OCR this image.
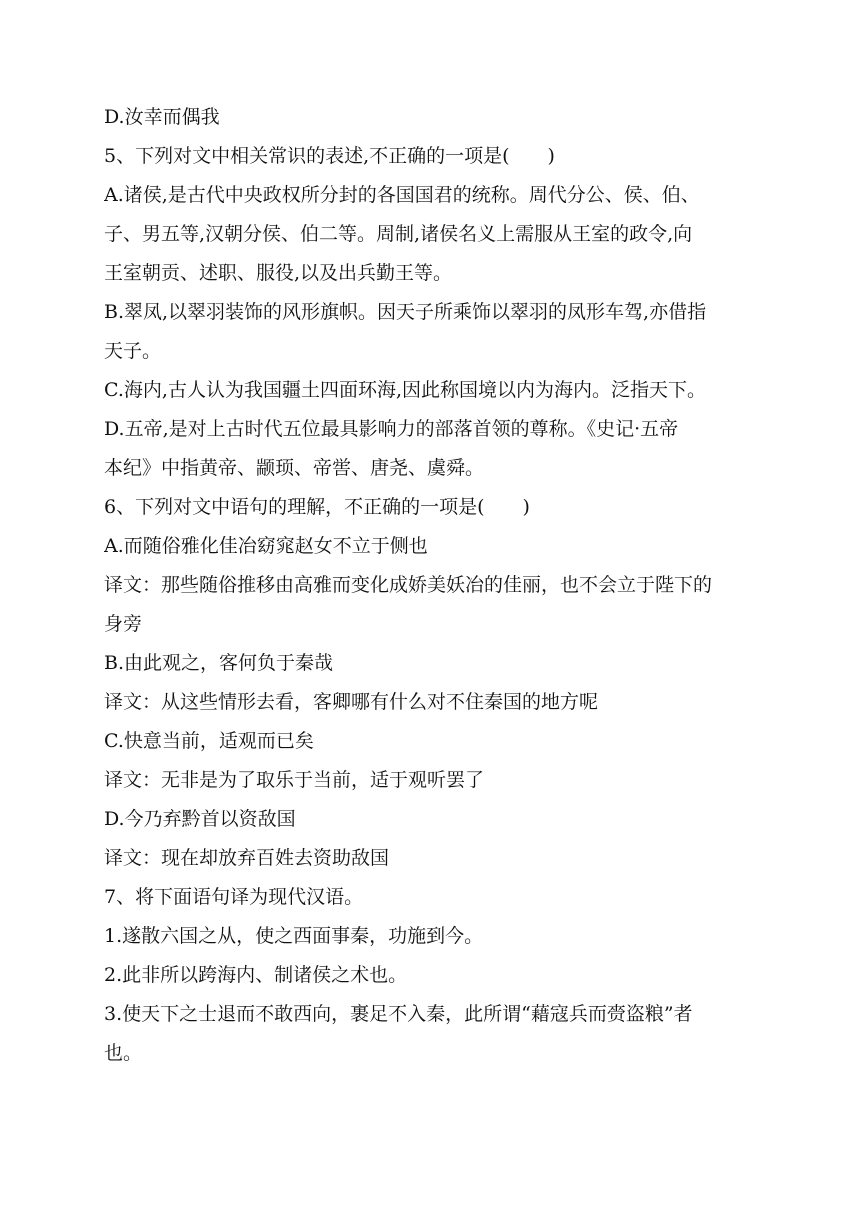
D.汝幸而偶我
5、下列对文中相关常识的表述,不正确的一项是(　　)
A.诸侯,是古代中央政权所分封的各国国君的统称。周代分公、侯、伯、
子、男五等,汉朝分侯、伯二等。周制,诸侯名义上需服从王室的政令,向
王室朝贡、述职、服役,以及出兵勤王等。
B.翠凤,以翠羽装饰的风形旗帜。因天子所乘饰以翠羽的凤形车驾,亦借指
天子。
C.海内,古人认为我国疆土四面环海,因此称国境以内为海内。泛指天下。
D.五帝,是对上古时代五位最具影响力的部落首领的尊称。《史记·五帝
本纪》中指黄帝、颛顼、帝喾、唐尧、虞舜。
6、下列对文中语句的理解，不正确的一项是(　　)
A.而随俗雅化佳冶窈窕赵女不立于侧也
译文：那些随俗推移由高雅而变化成娇美妖冶的佳丽，也不会立于陛下的
身旁
B.由此观之，客何负于秦哉
译文：从这些情形去看，客卿哪有什么对不住秦国的地方呢
C.快意当前，适观而已矣
译文：无非是为了取乐于当前，适于观听罢了
D.今乃弃黔首以资敌国
译文：现在却放弃百姓去资助敌国
7、将下面语句译为现代汉语。
1.遂散六国之从，使之西面事秦，功施到今。
2.此非所以跨海内、制诸侯之术也。
3.使天下之士退而不敢西向，裹足不入秦，此所谓“藉寇兵而赍盗粮”者
也。
